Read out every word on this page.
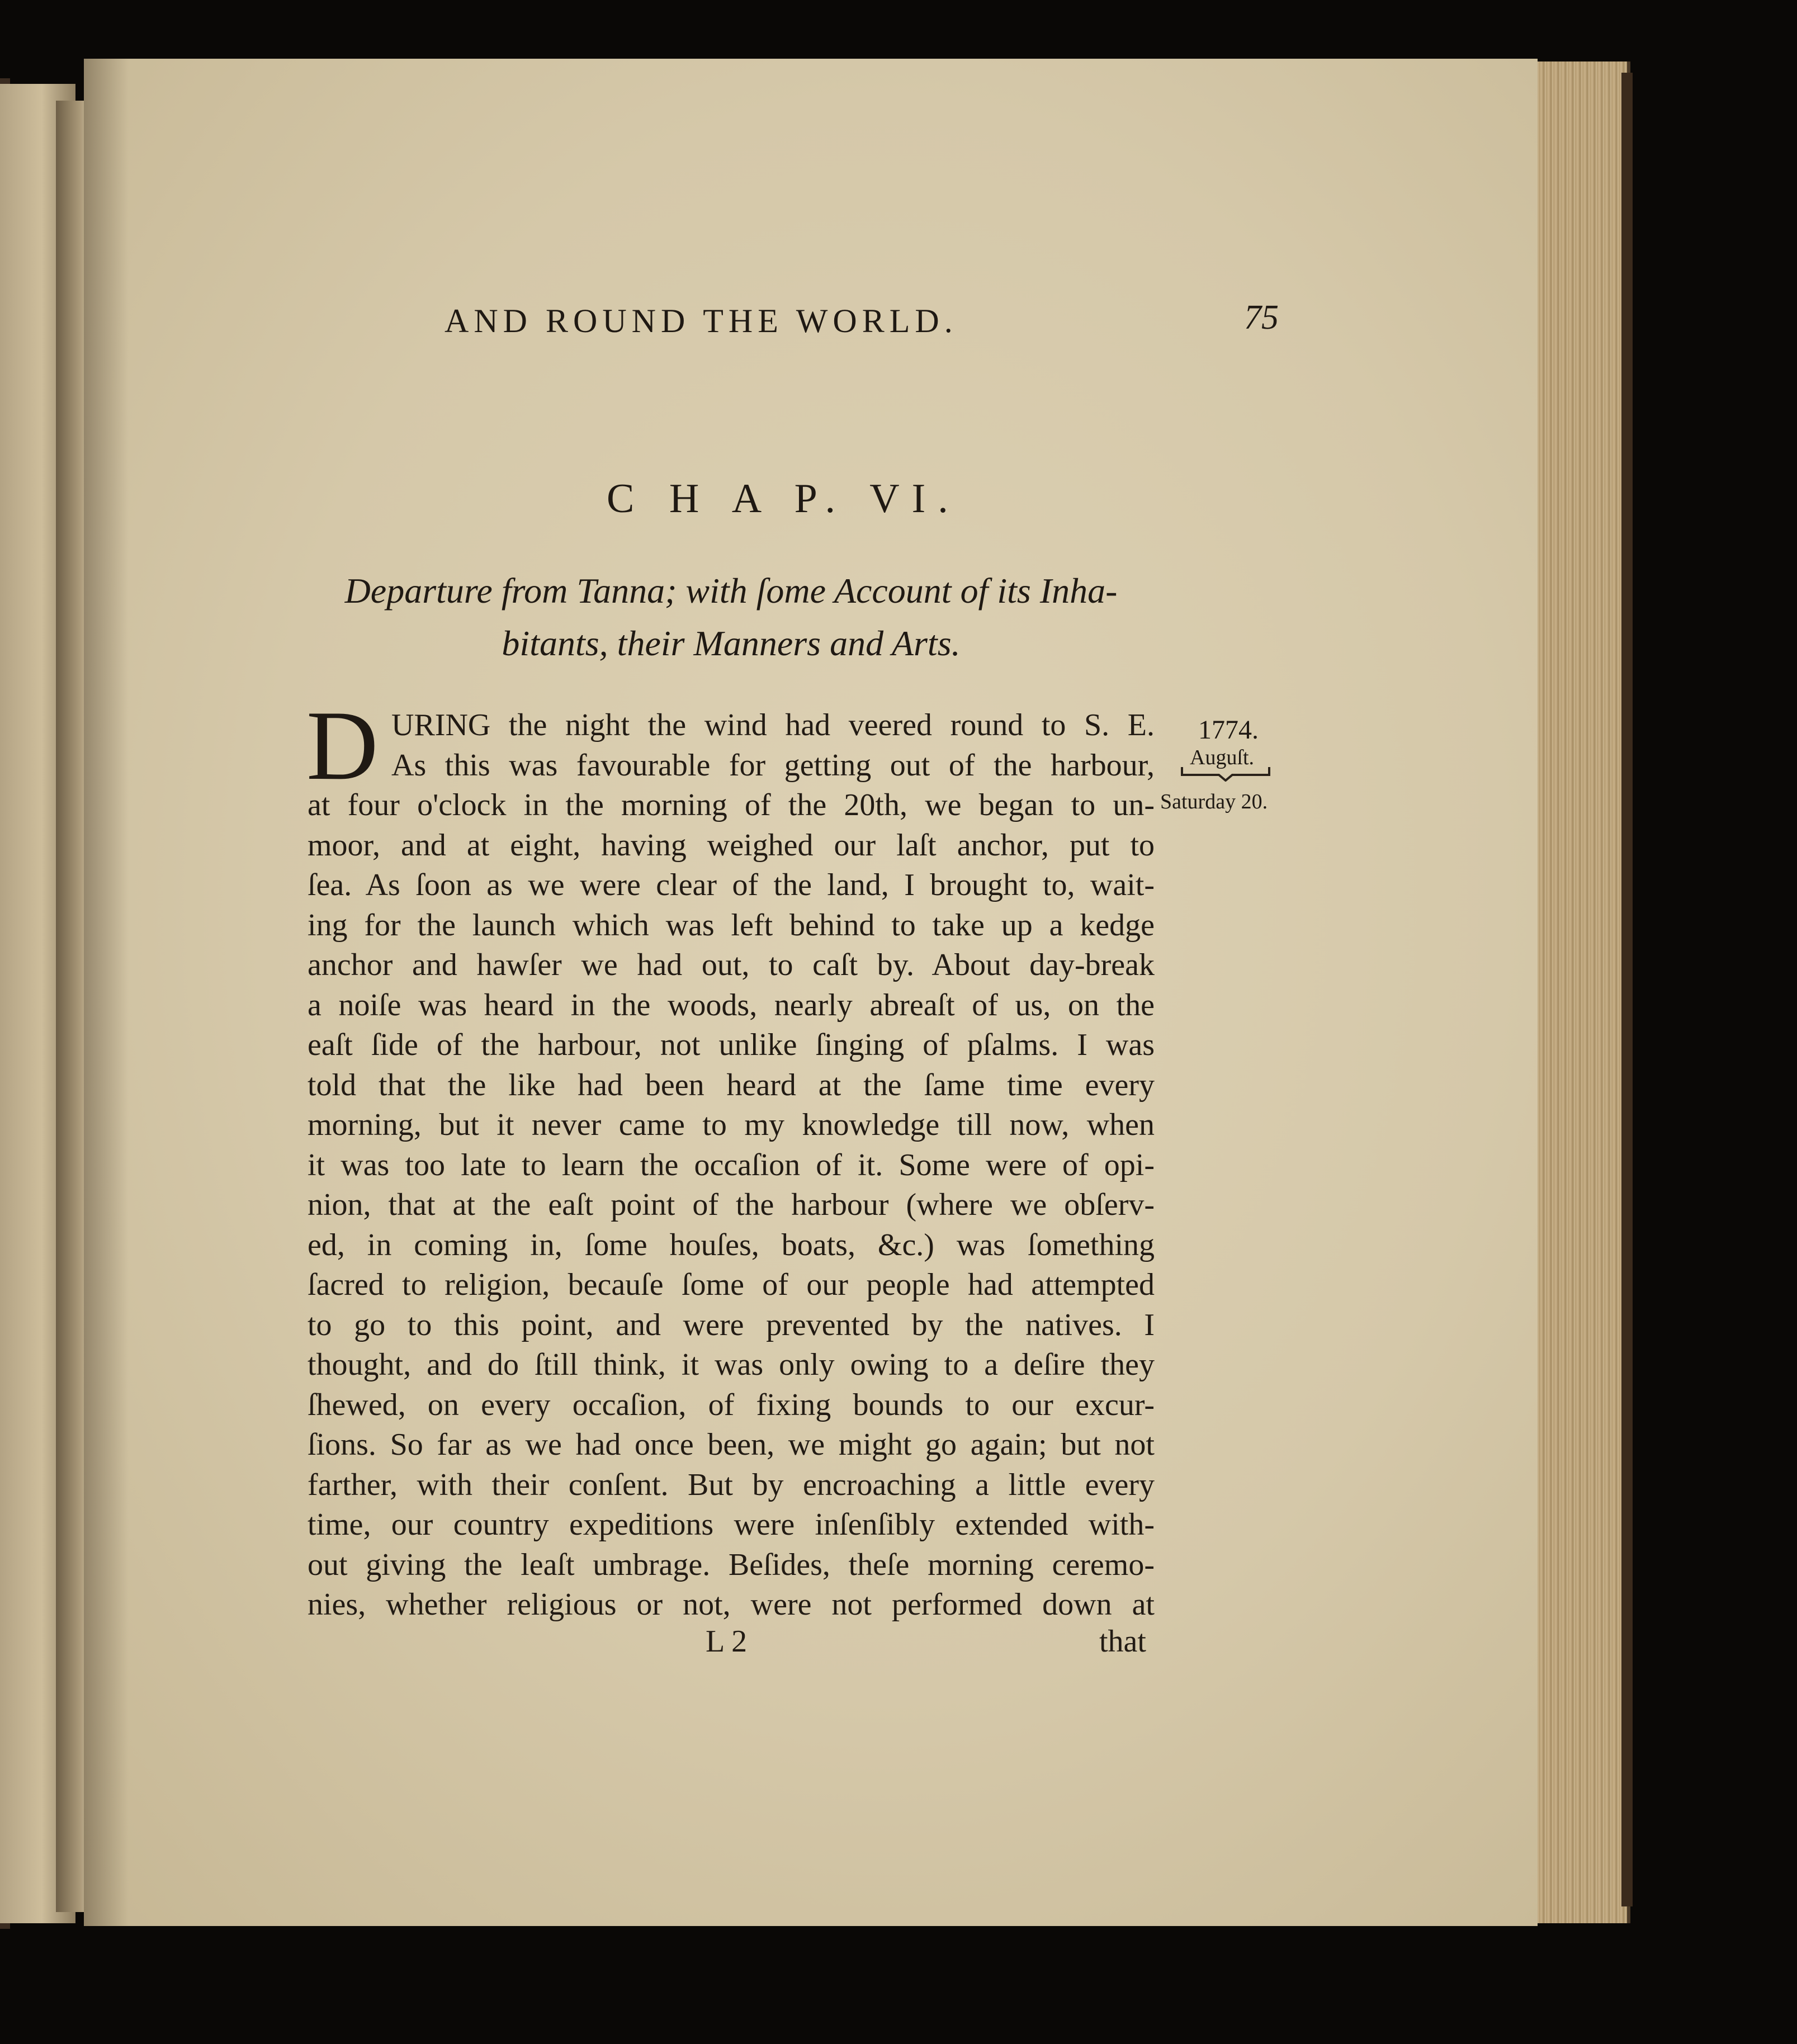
AND ROUND THE WORLD.	75
C H A P. VI.
Departure from Tanna; with ſome Account of its Inha-
bitants, their Manners and Arts.
D URING the night the wind had veered round to S. E.
As this was favourable for getting out of the harbour,
at four o'clock in the morning of the 20th, we began to un-
moor, and at eight, having weighed our laſt anchor, put to
ſea. As ſoon as we were clear of the land, I brought to, wait-
ing for the launch which was left behind to take up a kedge
anchor and hawſer we had out, to caſt by. About day-break
a noiſe was heard in the woods, nearly abreaſt of us, on the
eaſt ſide of the harbour, not unlike ſinging of pſalms. I was
told that the like had been heard at the ſame time every
morning, but it never came to my knowledge till now, when
it was too late to learn the occaſion of it. Some were of opi-
nion, that at the eaſt point of the harbour (where we obſerv-
ed, in coming in, ſome houſes, boats, &c.) was ſomething
ſacred to religion, becauſe ſome of our people had attempted
to go to this point, and were prevented by the natives. I
thought, and do ſtill think, it was only owing to a deſire they
ſhewed, on every occaſion, of fixing bounds to our excur-
ſions. So far as we had once been, we might go again; but not
farther, with their conſent. But by encroaching a little every
time, our country expeditions were inſenſibly extended with-
out giving the leaſt umbrage. Beſides, theſe morning ceremo-
nies, whether religious or not, were not performed down at
L 2	that
1774.
Auguſt.
Saturday 20.
